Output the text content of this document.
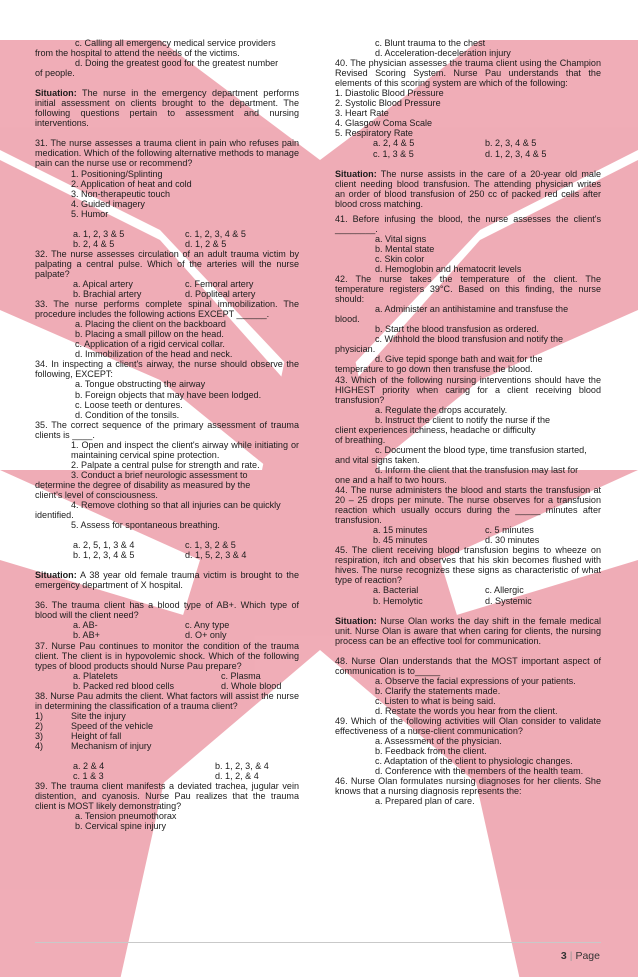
c. Calling all emergency medical service providers

from the hospital to attend the needs of the victims.

d. Doing the greatest good for the greatest number

of people.

Situation: The nurse in the emergency department performs initial assessment on clients brought to the department. The following questions pertain to assessment and nursing interventions.

31. The nurse assesses a trauma client in pain who refuses pain medication. Which of the following alternative methods to manage pain can the nurse use or recommend?

1. Positioning/Splinting

2. Application of heat and cold

3. Non-therapeutic touch

4. Guided imagery

5. Humor

a. 1, 2, 3 & 5	c. 1, 2, 3, 4 & 5
b. 2, 4 & 5	d. 1, 2 & 5

32. The nurse assesses circulation of an adult trauma victim by palpating a central pulse. Which of the arteries will the nurse palpate?

a. Apical artery	c. Femoral artery
b. Brachial artery	d. Popliteal artery

33. The nurse performs complete spinal immobilization. The procedure includes the following actions EXCEPT ______.

a. Placing the client on the backboard

b. Placing a small pillow on the head.

c. Application of a rigid cervical collar.

d. Immobilization of the head and neck.

34. In inspecting a client's airway, the nurse should observe the following, EXCEPT:

a. Tongue obstructing the airway

b. Foreign objects that may have been lodged.

c. Loose teeth or dentures.

d. Condition of the tonsils.

35. The correct sequence of the primary assessment of trauma clients is ____.

1. Open and inspect the client's airway while initiating or maintaining cervical spine protection.

2. Palpate a central pulse for strength and rate.

3. Conduct a brief neurologic assessment to

determine the degree of disability as measured by the

client's level of consciousness.

4. Remove clothing so that all injuries can be quickly

identified.

5. Assess for spontaneous breathing.

a. 2, 5, 1, 3 & 4	c. 1, 3, 2 & 5
b. 1, 2, 3, 4 & 5	d. 1, 5, 2, 3 & 4

Situation: A 38 year old female trauma victim is brought to the emergency department of X hospital.

36. The trauma client has a blood type of AB+. Which type of blood will the client need?

a. AB-	c. Any type
b. AB+	d. O+ only

37. Nurse Pau continues to monitor the condition of the trauma client. The client is in hypovolemic shock. Which of the following types of blood products should Nurse Pau prepare?

a. Platelets	c. Plasma
b. Packed red blood cells	d. Whole blood

38. Nurse Pau admits the client. What factors will assist the nurse in determining the classification of a trauma client?

1)	Site the injury

2)	Speed of the vehicle

3)	Height of fall

4)	Mechanism of injury

a. 2 & 4	b. 1, 2, 3, & 4
c. 1 & 3	d. 1, 2, & 4

39. The trauma client manifests a deviated trachea, jugular vein distention, and cyanosis. Nurse Pau realizes that the trauma client is MOST likely demonstrating?

a. Tension pneumothorax

b. Cervical spine injury

c. Blunt trauma to the chest

d. Acceleration-deceleration injury

40. The physician assesses the trauma client using the Champion Revised Scoring System. Nurse Pau understands that the elements of this scoring system are which of the following:

1. Diastolic Blood Pressure

2. Systolic Blood Pressure

3. Heart Rate

4. Glasgow Coma Scale

5. Respiratory Rate

a. 2, 4 & 5	b. 2, 3, 4 & 5
c. 1, 3 & 5	d. 1, 2, 3, 4 & 5

Situation: The nurse assists in the care of a 20-year old male client needing blood transfusion. The attending physician writes an order of blood transfusion of 250 cc of packed red cells after blood cross matching.

41. Before infusing the blood, the nurse assesses the client's ________.

a. Vital signs

b. Mental state

c. Skin color

d. Hemoglobin and hematocrit levels

42. The nurse takes the temperature of the client. The temperature registers 39°C. Based on this finding, the nurse should:

a. Administer an antihistamine and transfuse the

blood.

b. Start the blood transfusion as ordered.

c. Withhold the blood transfusion and notify the

physician.

d. Give tepid sponge bath and wait for the

temperature to go down then transfuse the blood.

43. Which of the following nursing interventions should have the HIGHEST priority when caring for a client receiving blood transfusion?

a. Regulate the drops accurately.

b. Instruct the client to notify the nurse if the

client experiences itchiness, headache or difficulty

of breathing.

c. Document the blood type, time transfusion started,

and vital signs taken.

d. Inform the client that the transfusion may last for

one and a half to two hours.

44. The nurse administers the blood and starts the transfusion at 20 – 25 drops per minute. The nurse observes for a transfusion reaction which usually occurs during the _____ minutes after transfusion.

a. 15 minutes	c. 5 minutes
b. 45 minutes	d. 30 minutes

45. The client receiving blood transfusion begins to wheeze on respiration, itch and observes that his skin becomes flushed with hives. The nurse recognizes these signs as characteristic of what type of reaction?

a. Bacterial	c. Allergic
b. Hemolytic	d. Systemic

Situation: Nurse Olan works the day shift in the female medical unit. Nurse Olan is aware that when caring for clients, the nursing process can be an effective tool for communication.

48. Nurse Olan understands that the MOST important aspect of communication is to_____

a. Observe the facial expressions of your patients.

b. Clarify the statements made.

c. Listen to what is being said.

d. Restate the words you hear from the client.

49. Which of the following activities will Olan consider to validate effectiveness of a nurse-client communication?

a. Assessment of the physician.

b. Feedback from the client.

c. Adaptation of the client to physiologic changes.

d. Conference with the members of the health team.

46. Nurse Olan formulates nursing diagnoses for her clients. She knows that a nursing diagnosis represents the:

a. Prepared plan of care.

3 | Page
